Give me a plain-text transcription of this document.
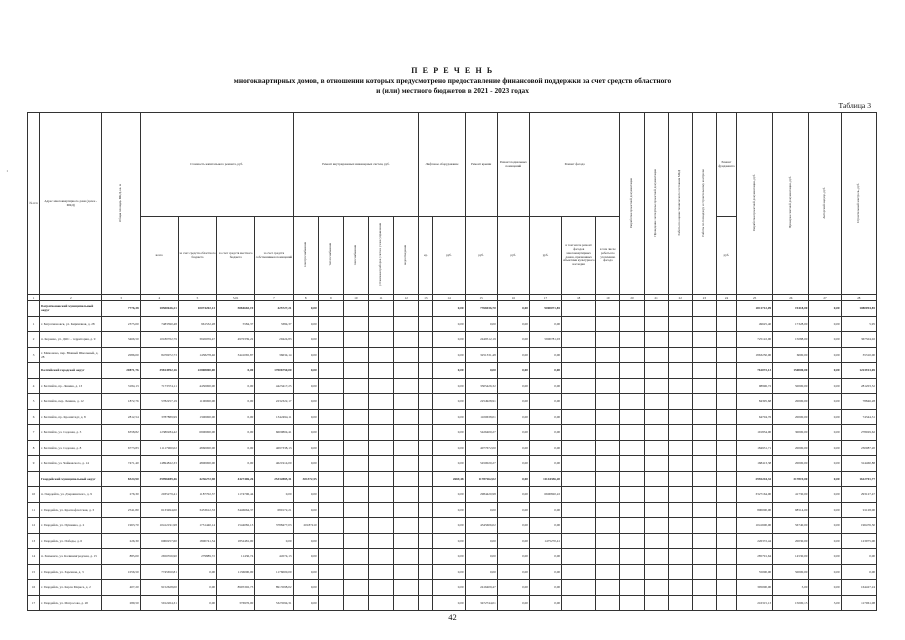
·
П Е Р Е Ч Е Н Ь
многоквартирных домов, в отношении которых предусмотрено предоставление финансовой поддержки за счет средств областного
и (или) местного бюджетов в 2021 - 2023 годах
Таблица 3
№ п/п	Адрес многоквартирного дома (далее - МКД)	Общая площадь МКД, кв. м	Стоимость капитального ремонта, руб.				Ремонт внутридомовых инженерных систем, руб.					Лифтовое оборудование		Ремонт крыши	Ремонт подвальных помещений	Ремонт фасада			Разработка проектной документации	Проведение экспертизы проектной документации	Работы по оценке технического состояния МКД	Работы по технадзору и строительному контролю	Ремонт фундамента	Разработка проектной документации, руб.	Проверка сметной документации, руб.	Авторский надзор, руб.	Строительный контроль, руб.
			всего	за счет средств областного бюджета	за счет средств местного бюджета	за счет средств собственников помещений	электроснабжения	теплоснабжения	газоснабжения	установка приборов учета и узлов управления	водоотведения	ед.	руб.	руб.	руб.	руб.	в том числе ремонт фасадов многоквартирных домов, признанных объектами культурного наследия	в том числе работы по утеплению фасада					руб.				
1	2	3	4	5	5.01	7	8	9	10	11	12	13	14	15	16	17	18	19	20	21	22	23	24	25	26	27	28
	Багратионовский муниципальный округ	7776,38	18500626,21	10074202,13	5884665,19	425727,21	0,00						0,00	7766936,70	0,00	9000071,85								2011712,09	19418,00	0,00	1080094,85
1	г. Багратионовск, ул. Кирпичная, д. 28	2375,00	7483390,48	961532,28	5584,37	3384,37	0,00						0,00	0,00	0,00	0,00								49625,40	17328,00	0,00	5,95
2	п. Корнево, ул. ДОС – территория, д. 9	3466,50	10180702,79	3926059,47	4970339,22	29424,83	0,00						0,00	2449512,19	0,00	5900781,03								725122,90	15088,00	0,00	367504,02
3	г. Мамоново, пер. Южный Школьный, д. 28	2086,00	8476972,73	1458278,46	3441065,87	36634,14	0,00						0,00	3251331,48	0,00	0,00								1863250,00	6000,00	0,00	35310,00
	Балтийский городской округ	20871,76	39814992,16	22808000,00	0,00	17006750,00	0,00						0,00	0,00	0,00	0,00								761072,13	150000,00	0,00	1223913,69
4	г. Балтийск, пр. Ленина, д. 13	3184,13	7173374,11	4450000,00	0,00	4423417,25	0,00						0,00	3305426,32	0,00	0,00								98996,72	50000,00	0,00	281203,52
5	г. Балтийск, пер. Ленина, д. 12	1872,76	5782257,19	1100000,00	0,00	2232322,17	0,00						0,00	2254928,91	0,00	0,00								84395,68	20000,00	0,00	78846,28
6	г. Балтийск, пр. Кронштадт, д. 8	2812,54	3787889,99	1300000,00	0,00	1342494,11	0,00						0,00	1100638,01	0,00	0,00								64704,76	20000,00	0,00	74344,31
7	г. Балтийск, ул. Садовая, д. 3	6358,82	12380284,42	6900000,00	0,00	6600804,41	0,00						0,00	5426400,27	0,00	0,00								191834,00	30000,00	0,00	278029,62
8	г. Балтийск, ул. Садовая, д. 8	6773,83	11117960,02	4860000,00	0,00	4697338,13	0,00						0,00	4077672,00	0,00	0,00								184931,71	20000,00	0,00	230087,20
9	г. Балтийск, ул. Чайковского, д. 14	7471,40	14894822,33	4800000,00	0,00	4621914,00	0,00						0,00	5450020,27	0,00	0,00								168413,38	20000,00	0,00	314460,88
	Гвардейский муниципальный округ	8324,90	39996089,46	4236272,98	4427406,26	25332885,31	301372,55						2669,48	11787262,02	0,00	11144356,20								2992244,32	317819,00	0,00	1612701,77
10	п. Гвардейск, ул. Дзержинского, д. 9	276,30	2035279,41	1187702,37	1174706,44	0,00	0,00						0,00	2984420,98	0,00	6600820,22								3327164,00	41730,00	0,00	293127,47
11	г. Гвардейск, ул. Краснофлотская, д. 3	2541,80	6133494,00	3453612,33	3446664,37	680172,21	0,00						0,00	0,00	0,00	0,00								800000,00	98514,00	0,00	91128,00
12	г. Гвардейск, ул. Пушкина, д. 2	1963,70	10412191,98	1731440,14	1544082,13	3788477,03	20187410						0,00	4345606,02	0,00	0,00								1041600,00	56740,00	0,00	196476,50
13	г. Гвардейск, ул. Победы, д. 6	226,30	6000257,60	1800741,54	1852481,00	0,00	0,00						0,00	0,00	0,00	1475270,41								226372,44	20030,00	0,00	123975,00
14	п. Знаменск, ул. Калининградская, д. 15	885,00	2650356,90	279889,72	11436,74	44574,13	0,00						0,00	0,00	0,00	0,00								285791,64	14530,00	0,00	0,00
15	г. Гвардейск, ул. Заречная, д. 3	1056,50	7745650,81	0,00	1136000,00	1176000,00	0,00						0,00	0,00	0,00	0,00								55000,00	50000,00	0,00	0,00
16	г. Гвардейск, ул. Карла Маркса, д. 2	407,20	9152628,00	0,00	8905302,73	8913598,02	0,00						0,00	2416409,47	0,00	0,00								395000,00	3,00	0,00	164427,24
17	г. Гвардейск, ул. Матросова, д. 20	289,50	5912264,31	0,00	376976,00	5323594,31	0,00						0,00	3472744,01	0,00	0,00								216315,13	15000,15	3,00	117061,08
42
